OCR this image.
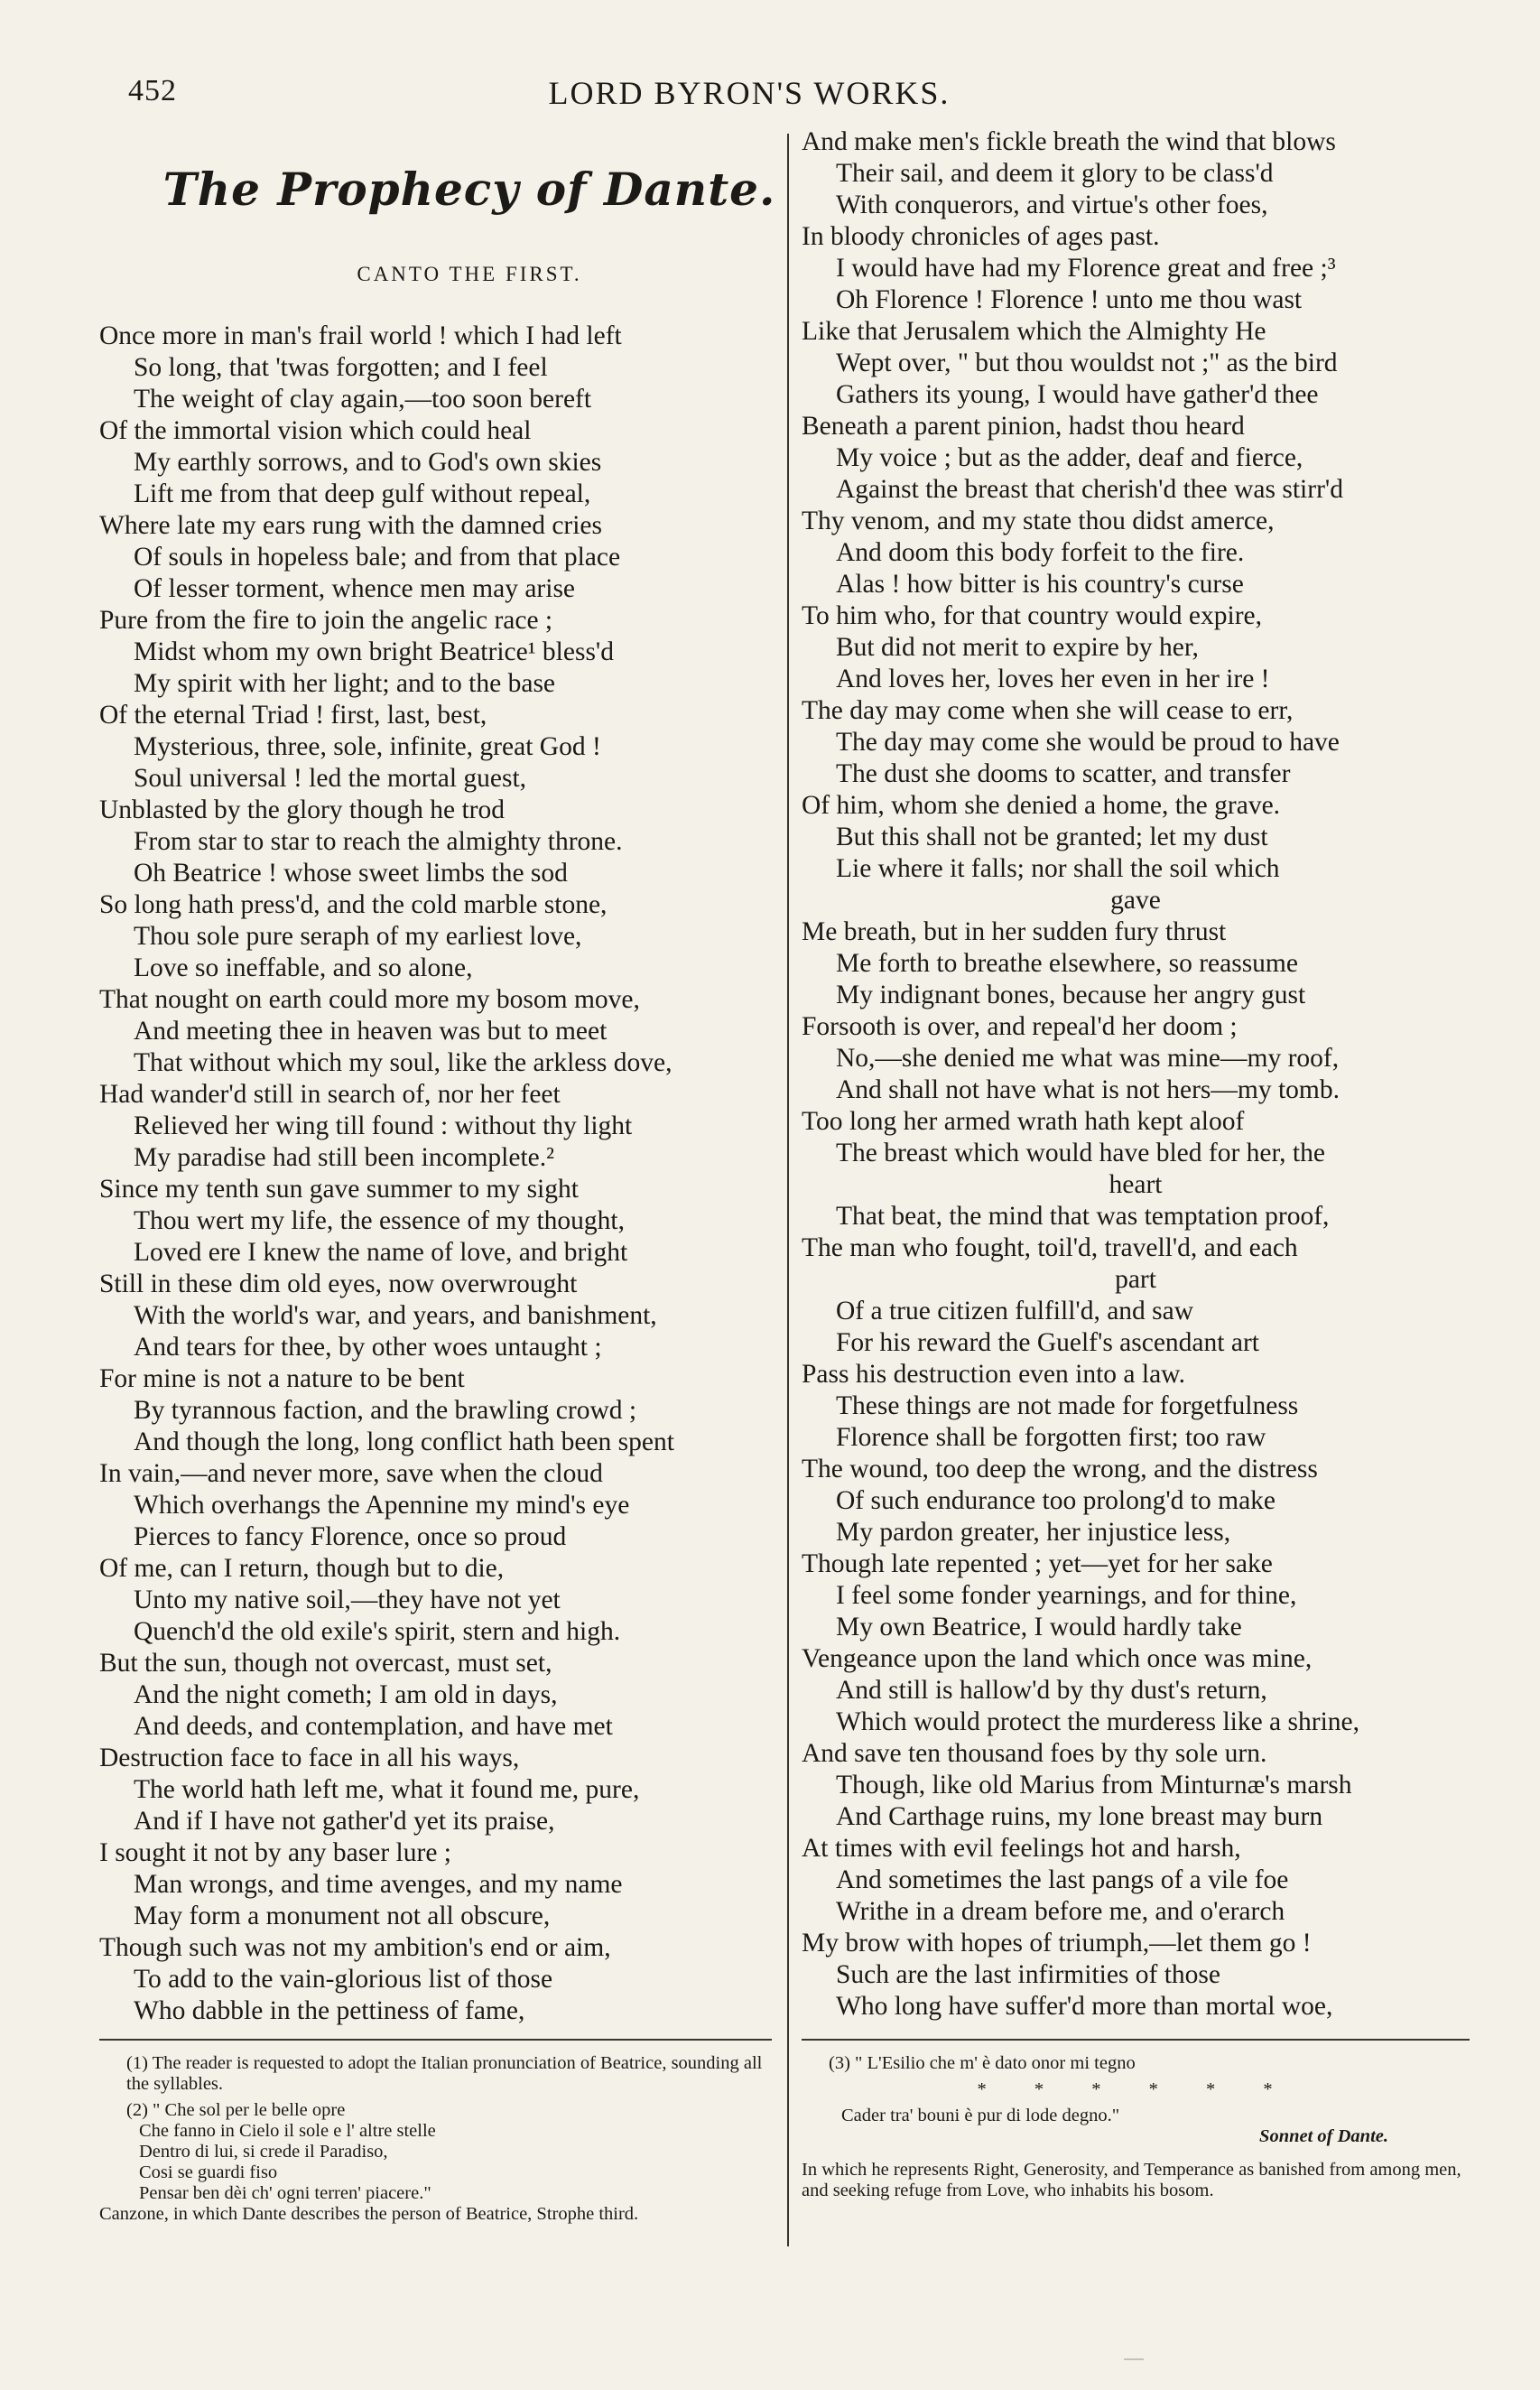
452	LORD BYRON'S WORKS.
The Prophecy of Dante.
CANTO THE FIRST.
Once more in man's frail world ! which I had left
So long, that 'twas forgotten; and I feel
The weight of clay again,—too soon bereft
Of the immortal vision which could heal
My earthly sorrows, and to God's own skies
Lift me from that deep gulf without repeal,
Where late my ears rung with the damned cries
Of souls in hopeless bale; and from that place
Of lesser torment, whence men may arise
Pure from the fire to join the angelic race ;
Midst whom my own bright Beatrice¹ bless'd
My spirit with her light; and to the base
Of the eternal Triad ! first, last, best,
Mysterious, three, sole, infinite, great God !
Soul universal ! led the mortal guest,
Unblasted by the glory though he trod
From star to star to reach the almighty throne.
Oh Beatrice ! whose sweet limbs the sod
So long hath press'd, and the cold marble stone,
Thou sole pure seraph of my earliest love,
Love so ineffable, and so alone,
That nought on earth could more my bosom move,
And meeting thee in heaven was but to meet
That without which my soul, like the arkless dove,
Had wander'd still in search of, nor her feet
Relieved her wing till found : without thy light
My paradise had still been incomplete.²
Since my tenth sun gave summer to my sight
Thou wert my life, the essence of my thought,
Loved ere I knew the name of love, and bright
Still in these dim old eyes, now overwrought
With the world's war, and years, and banishment,
And tears for thee, by other woes untaught ;
For mine is not a nature to be bent
By tyrannous faction, and the brawling crowd ;
And though the long, long conflict hath been spent
In vain,—and never more, save when the cloud
Which overhangs the Apennine my mind's eye
Pierces to fancy Florence, once so proud
Of me, can I return, though but to die,
Unto my native soil,—they have not yet
Quench'd the old exile's spirit, stern and high.
But the sun, though not overcast, must set,
And the night cometh; I am old in days,
And deeds, and contemplation, and have met
Destruction face to face in all his ways,
The world hath left me, what it found me, pure,
And if I have not gather'd yet its praise,
I sought it not by any baser lure ;
Man wrongs, and time avenges, and my name
May form a monument not all obscure,
Though such was not my ambition's end or aim,
To add to the vain-glorious list of those
Who dabble in the pettiness of fame,
And make men's fickle breath the wind that blows
Their sail, and deem it glory to be class'd
With conquerors, and virtue's other foes,
In bloody chronicles of ages past.
I would have had my Florence great and free ;³
Oh Florence ! Florence ! unto me thou wast
Like that Jerusalem which the Almighty He
Wept over, " but thou wouldst not ;" as the bird
Gathers its young, I would have gather'd thee
Beneath a parent pinion, hadst thou heard
My voice ; but as the adder, deaf and fierce,
Against the breast that cherish'd thee was stirr'd
Thy venom, and my state thou didst amerce,
And doom this body forfeit to the fire.
Alas ! how bitter is his country's curse
To him who, for that country would expire,
But did not merit to expire by her,
And loves her, loves her even in her ire !
The day may come when she will cease to err,
The day may come she would be proud to have
The dust she dooms to scatter, and transfer
Of him, whom she denied a home, the grave.
But this shall not be granted; let my dust
Lie where it falls; nor shall the soil which
gave
Me breath, but in her sudden fury thrust
Me forth to breathe elsewhere, so reassume
My indignant bones, because her angry gust
Forsooth is over, and repeal'd her doom ;
No,—she denied me what was mine—my roof,
And shall not have what is not hers—my tomb.
Too long her armed wrath hath kept aloof
The breast which would have bled for her, the
heart
That beat, the mind that was temptation proof,
The man who fought, toil'd, travell'd, and each
part
Of a true citizen fulfill'd, and saw
For his reward the Guelf's ascendant art
Pass his destruction even into a law.
These things are not made for forgetfulness
Florence shall be forgotten first; too raw
The wound, too deep the wrong, and the distress
Of such endurance too prolong'd to make
My pardon greater, her injustice less,
Though late repented ; yet—yet for her sake
I feel some fonder yearnings, and for thine,
My own Beatrice, I would hardly take
Vengeance upon the land which once was mine,
And still is hallow'd by thy dust's return,
Which would protect the murderess like a shrine,
And save ten thousand foes by thy sole urn.
Though, like old Marius from Minturnæ's marsh
And Carthage ruins, my lone breast may burn
At times with evil feelings hot and harsh,
And sometimes the last pangs of a vile foe
Writhe in a dream before me, and o'erarch
My brow with hopes of triumph,—let them go !
Such are the last infirmities of those
Who long have suffer'd more than mortal woe,

(1) The reader is requested to adopt the Italian pronunciation of Beatrice, sounding all the syllables.

(2) " Che sol per le belle opre
Che fanno in Cielo il sole e l' altre stelle
Dentro di lui, si crede il Paradiso,
Cosi se guardi fiso
Pensar ben dèi ch' ogni terren' piacere."

Canzone, in which Dante describes the person of Beatrice, Strophe third.

(3) " L'Esilio che m' è dato onor mi tegno
* * * * * *
Cader tra' bouni è pur di lode degno."
Sonnet of Dante.

In which he represents Right, Generosity, and Temperance as banished from among men, and seeking refuge from Love, who inhabits his bosom.
